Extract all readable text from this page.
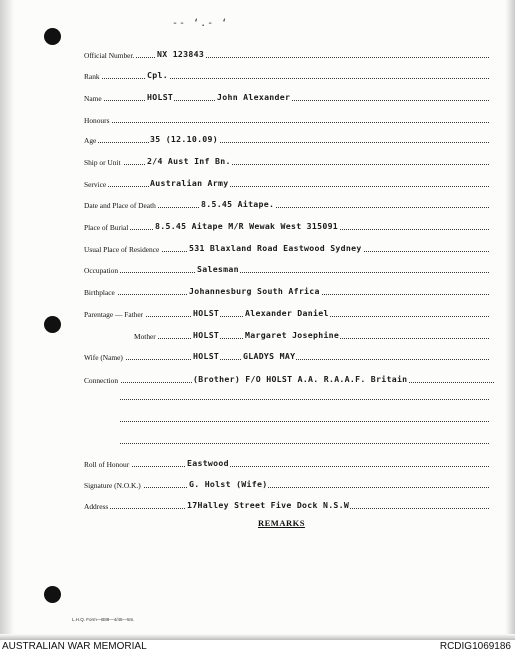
-- ‘.- ‘
Official Number.	NX 123843
Rank	Cpl.
Name	HOLST	John Alexander
Honours
Age	35 (12.10.09)
Ship or Unit	2/4 Aust Inf Bn.
Service	Australian Army
Date and Place of Death	8.5.45 Aitape.
Place of Burial	8.5.45 Aitape M/R Wewak West 315091
Usual Place of Residence	531 Blaxland Road Eastwood Sydney
Occupation	Salesman
Birthplace	Johannesburg South Africa
Parentage — Father	HOLST	Alexander Daniel
Mother	HOLST	Margaret Josephine
Wife (Name)	HOLST	GLADYS MAY
Connection	(Brother) F/O HOLST A.A. R.A.A.F. Britain
Roll of Honour	Eastwood
Signature (N.O.K.)	G. Holst (Wife)
Address	17Halley Street Five Dock N.S.W
REMARKS
L.H.Q. Form—B88—4/45—5m.
AUSTRALIAN WAR MEMORIAL	RCDIG1069186
